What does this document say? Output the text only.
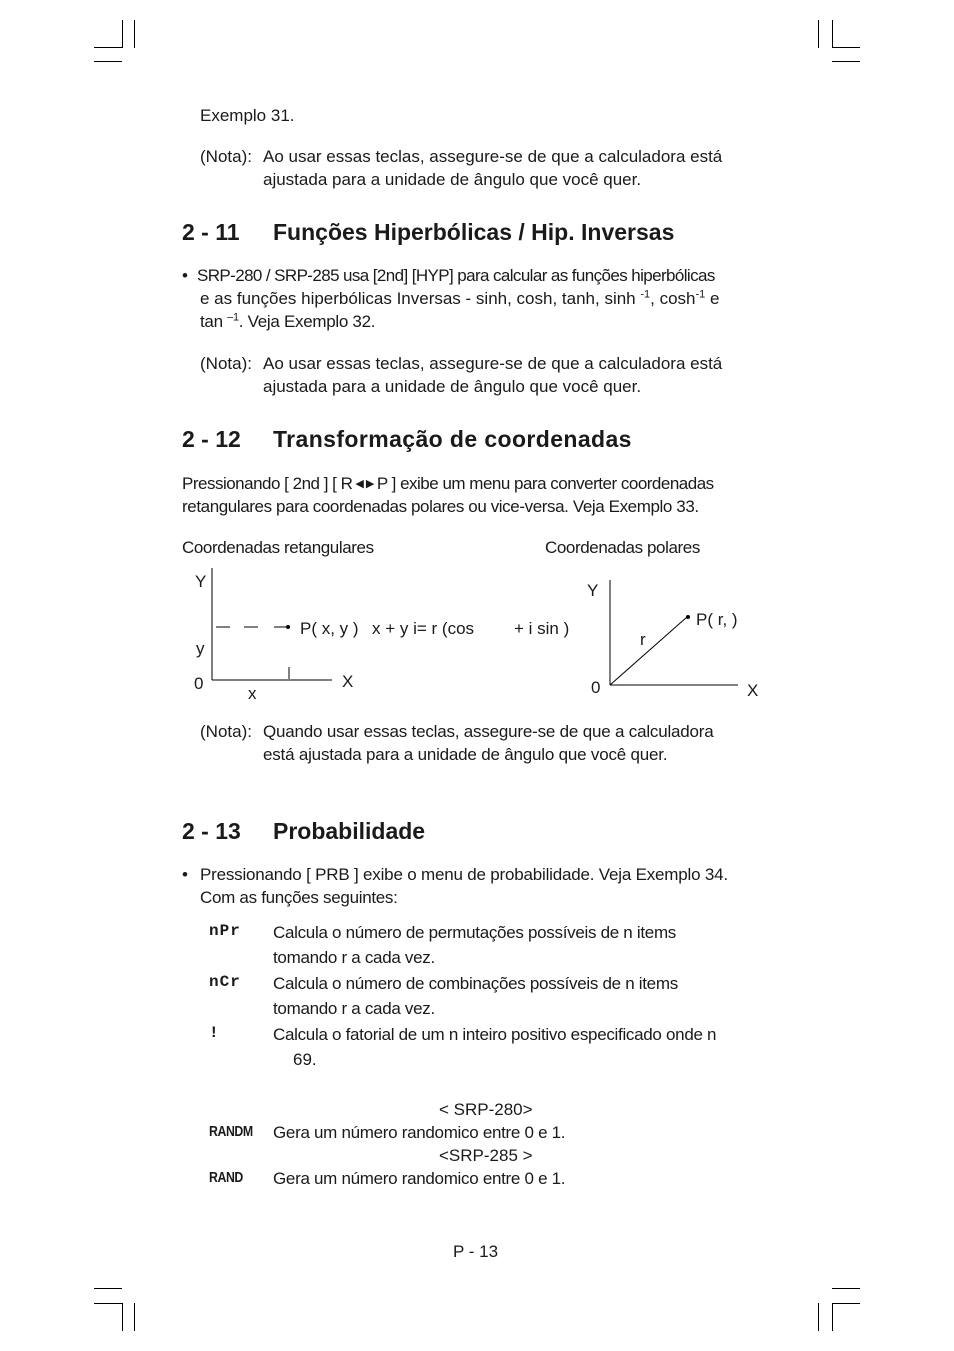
Exemplo 31.
(Nota): Ao usar essas teclas, assegure-se de que a calculadora está
ajustada para a unidade de ângulo que você quer.
2 - 11 Funções Hiperbólicas / Hip. Inversas
• SRP-280 / SRP-285 usa [2nd] [HYP] para calcular as funções hiperbólicas
e as funções hiperbólicas Inversas - sinh, cosh, tanh, sinh $^{-1}$, $\cosh^{-1} e$
tan $^{-1}$. Veja Exemplo 32.
(Nota): Ao usar essas teclas, assegure-se de que a calculadora está
ajustada para a unidade de ângulo que você quer.
2 - 12 Transformação de coordenadas
Pressionando [ 2nd ] [ R ◀ ▶ P ] exibe um menu para converter coordenadas
retangulares para coordenadas polares ou vice-versa. Veja Exemplo 33.
Coordenadas retangulares	Coordenadas polares
Y
y
0
x
X
P( x, y ) x + y i= r (cos + i sin )
Y
0	X
r
P( r, )
(Nota): Quando usar essas teclas, assegure-se de que a calculadora
está ajustada para a unidade de ângulo que você quer.
2 - 13 Probabilidade
• Pressionando [ PRB ] exibe o menu de probabilidade. Veja Exemplo 34.
Com as funções seguintes:
nPr Calcula o número de permutações possíveis de n items
tomando r a cada vez.
nCr Calcula o número de combinações possíveis de n items
tomando r a cada vez.
!	Calcula o fatorial de um n inteiro positivo especificado onde n
69.
< SRP-280>
RANDM	Gera um número randomico entre 0 e 1.
<SRP-285 >
RAND	Gera um número randomico entre 0 e 1.
P - 13
